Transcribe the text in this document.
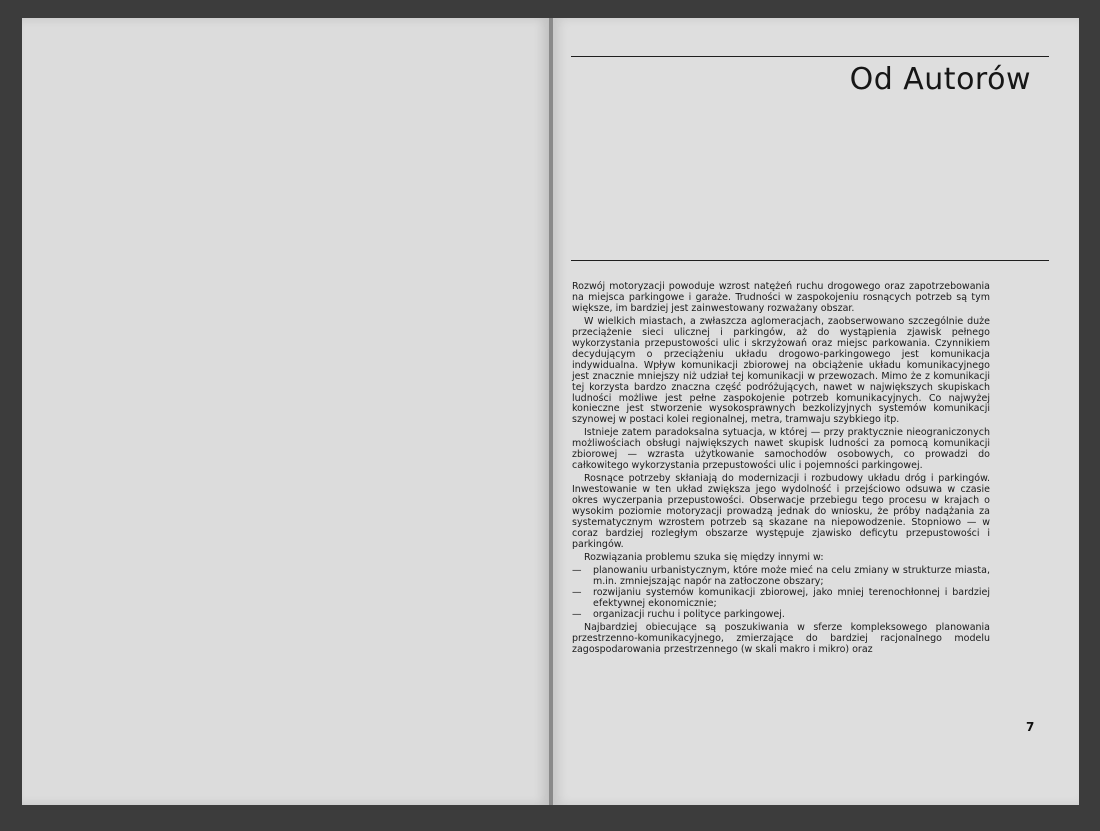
Od Autorów

Rozwój motoryzacji powoduje wzrost natężeń ruchu drogowego oraz zapotrzebowania na miejsca parkingowe i garaże. Trudności w zaspokojeniu rosnących potrzeb są tym większe, im bardziej jest zainwestowany rozważany obszar.

W wielkich miastach, a zwłaszcza aglomeracjach, zaobserwowano szczególnie duże przeciążenie sieci ulicznej i parkingów, aż do wystąpienia zjawisk pełnego wykorzystania przepustowości ulic i skrzyżowań oraz miejsc parkowania. Czynnikiem decydującym o przeciążeniu układu drogowo-parkingowego jest komunikacja indywidualna. Wpływ komunikacji zbiorowej na obciążenie układu komunikacyjnego jest znacznie mniejszy niż udział tej komunikacji w przewozach. Mimo że z komunikacji tej korzysta bardzo znaczna część podróżujących, nawet w największych skupiskach ludności możliwe jest pełne zaspokojenie potrzeb komunikacyjnych. Co najwyżej konieczne jest stworzenie wysokosprawnych bezkolizyjnych systemów komunikacji szynowej w postaci kolei regionalnej, metra, tramwaju szybkiego itp.

Istnieje zatem paradoksalna sytuacja, w której — przy praktycznie nieograniczonych możliwościach obsługi największych nawet skupisk ludności za pomocą komunikacji zbiorowej — wzrasta użytkowanie samochodów osobowych, co prowadzi do całkowitego wykorzystania przepustowości ulic i pojemności parkingowej.

Rosnące potrzeby skłaniają do modernizacji i rozbudowy układu dróg i parkingów. Inwestowanie w ten układ zwiększa jego wydolność i przejściowo odsuwa w czasie okres wyczerpania przepustowości. Obserwacje przebiegu tego procesu w krajach o wysokim poziomie motoryzacji prowadzą jednak do wniosku, że próby nadążania za systematycznym wzrostem potrzeb są skazane na niepowodzenie. Stopniowo — w coraz bardziej rozległym obszarze występuje zjawisko deficytu przepustowości i parkingów.

Rozwiązania problemu szuka się między innymi w:

— planowaniu urbanistycznym, które może mieć na celu zmiany w strukturze miasta, m.in. zmniejszając napór na zatłoczone obszary;
— rozwijaniu systemów komunikacji zbiorowej, jako mniej terenochłonnej i bardziej efektywnej ekonomicznie;
— organizacji ruchu i polityce parkingowej.

Najbardziej obiecujące są poszukiwania w sferze kompleksowego planowania przestrzenno-komunikacyjnego, zmierzające do bardziej racjonalnego modelu zagospodarowania przestrzennego (w skali makro i mikro) oraz

7
